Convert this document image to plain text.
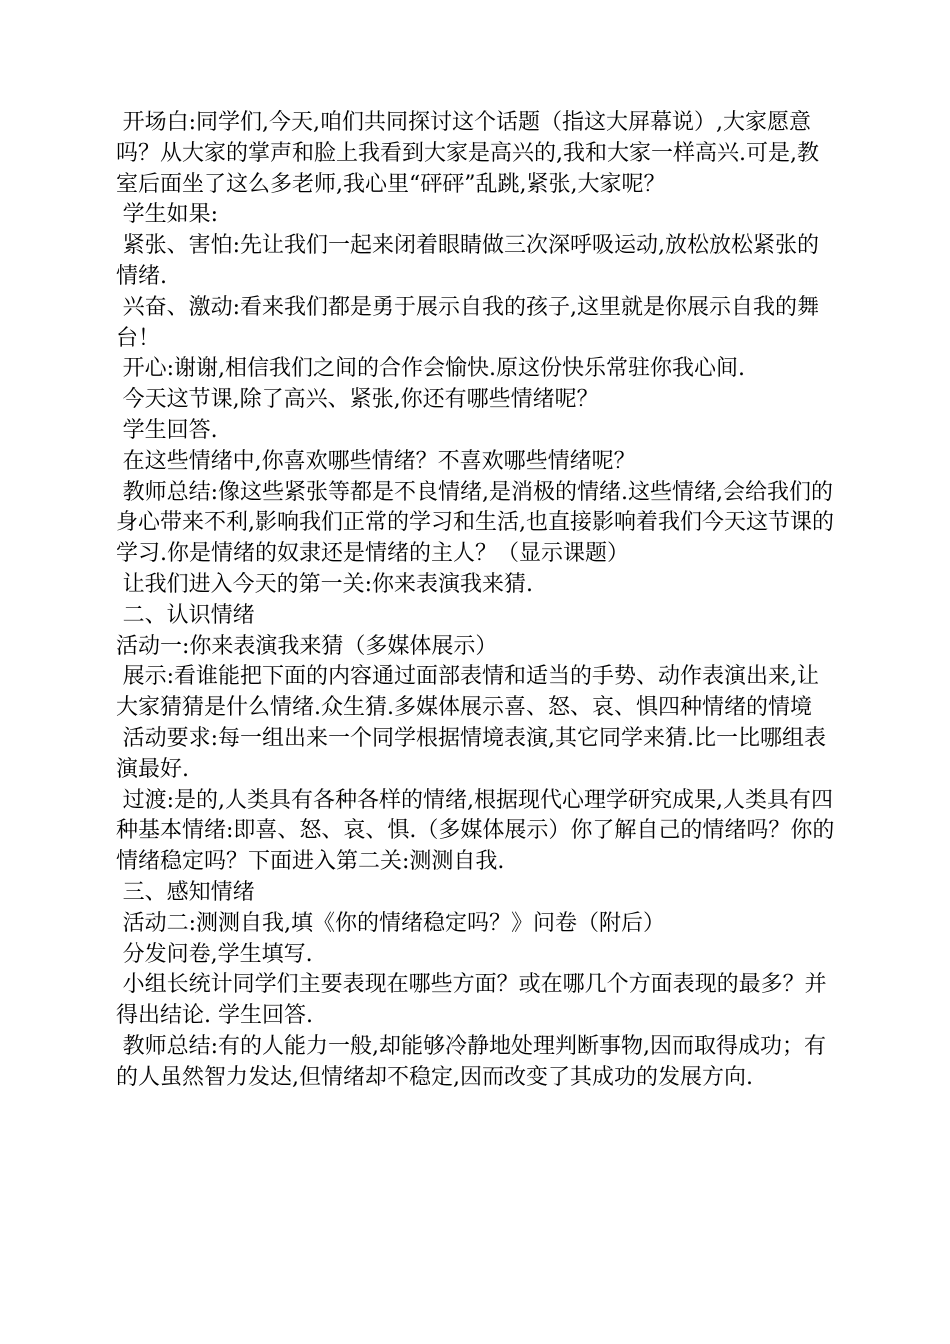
开场白:同学们,今天,咱们共同探讨这个话题（指这大屏幕说）,大家愿意吗？从大家的掌声和脸上我看到大家是高兴的,我和大家一样高兴.可是,教室后面坐了这么多老师,我心里“砰砰”乱跳,紧张,大家呢？

学生如果:

紧张、害怕:先让我们一起来闭着眼睛做三次深呼吸运动,放松放松紧张的情绪.

兴奋、激动:看来我们都是勇于展示自我的孩子,这里就是你展示自我的舞台！

开心:谢谢,相信我们之间的合作会愉快.原这份快乐常驻你我心间.

今天这节课,除了高兴、紧张,你还有哪些情绪呢？

学生回答.

在这些情绪中,你喜欢哪些情绪？不喜欢哪些情绪呢？

教师总结:像这些紧张等都是不良情绪,是消极的情绪.这些情绪,会给我们的身心带来不利,影响我们正常的学习和生活,也直接影响着我们今天这节课的学习.你是情绪的奴隶还是情绪的主人？（显示课题）

让我们进入今天的第一关:你来表演我来猜.

二、认识情绪

活动一:你来表演我来猜（多媒体展示）

展示:看谁能把下面的内容通过面部表情和适当的手势、动作表演出来,让大家猜猜是什么情绪.众生猜.多媒体展示喜、怒、哀、惧四种情绪的情境

活动要求:每一组出来一个同学根据情境表演,其它同学来猜.比一比哪组表演最好.

过渡:是的,人类具有各种各样的情绪,根据现代心理学研究成果,人类具有四种基本情绪:即喜、怒、哀、惧.（多媒体展示）你了解自己的情绪吗？你的情绪稳定吗？下面进入第二关:测测自我.

三、感知情绪

活动二:测测自我,填《你的情绪稳定吗？》问卷（附后）

分发问卷,学生填写.

小组长统计同学们主要表现在哪些方面？或在哪几个方面表现的最多？并得出结论. 学生回答.

教师总结:有的人能力一般,却能够冷静地处理判断事物,因而取得成功；有的人虽然智力发达,但情绪却不稳定,因而改变了其成功的发展方向.
